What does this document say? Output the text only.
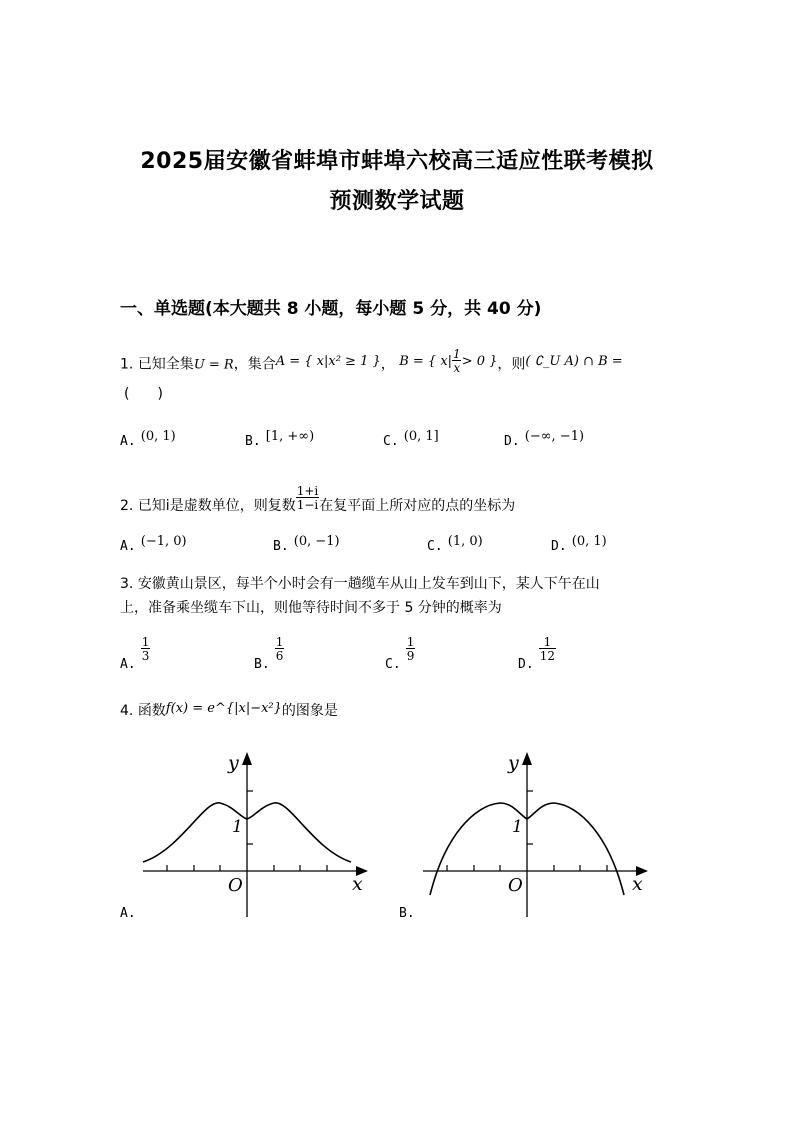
2025届安徽省蚌埠市蚌埠六校高三适应性联考模拟
预测数学试题
一、单选题(本大题共 8 小题，每小题 5 分，共 40 分)
1. 已知全集U = R，集合A = { x|x² ≥ 1 }， B = { $x| \frac{1}{x} > 0$ }，则( ∁_U A) ∩ B =
(　　)
A. $^{(0, 1)}$	B. $^{[1, +\infty)}$	C. $^{(0, 1]}$	D. $^{(-\infty, -1)}$
2. 已知i是虚数单位，则复数 $\frac{1+i}{1-i}$ 在复平面上所对应的点的坐标为
A. $^{(-1, 0)}$	B. $^{(0, -1)}$	C. $^{(1, 0)}$	D. $^{(0, 1)}$
3. 安徽黄山景区，每半个小时会有一趟缆车从山上发车到山下，某人下午在山
上，准备乘坐缆车下山，则他等待时间不多于 5 分钟的概率为
$_{A.}$
$\frac{1}{3}$
$_{B.}$
$\frac{1}{6}$
$_{C.}$
$\frac{1}{9}$
$_{D.}$
$\frac{1}{12}$
4. 函数f(x) = e^{|x|−x²}的图象是
y
x
O
1
A.
y
x
O
1
B.
